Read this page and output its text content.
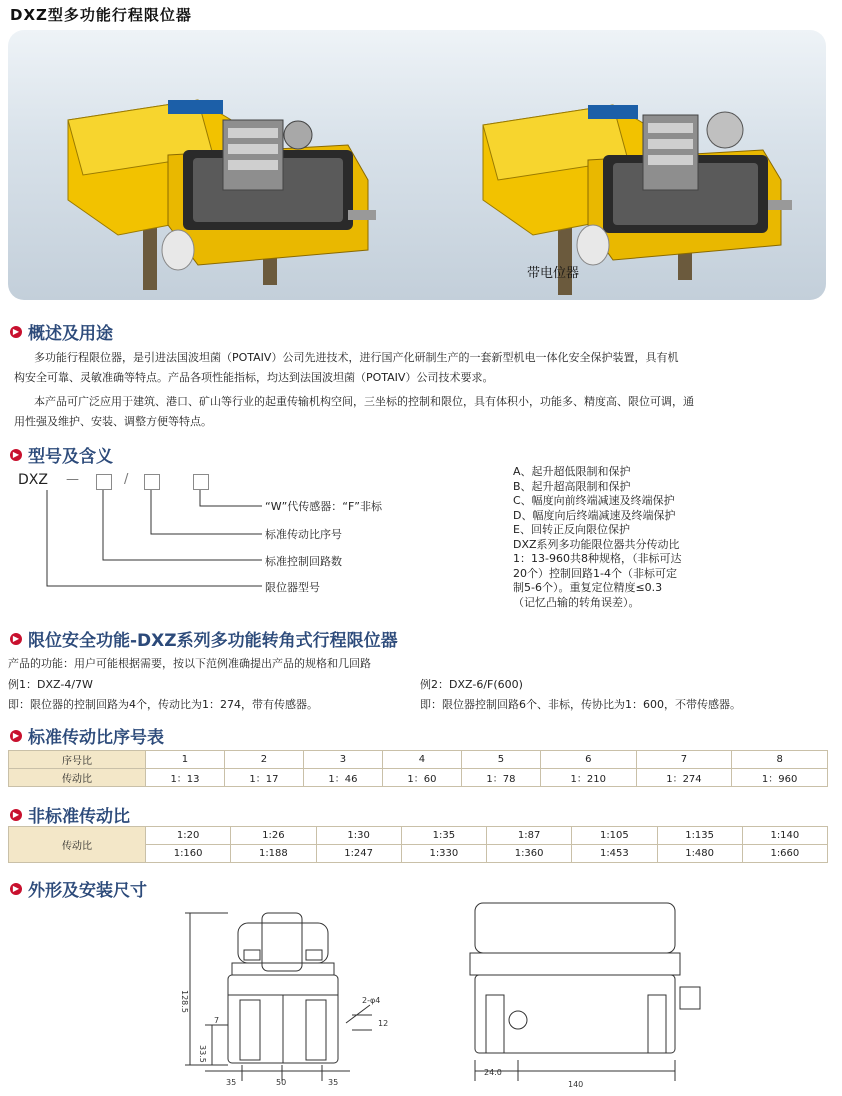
DXZ型多功能行程限位器
带电位器
▶ 概述及用途
多功能行程限位器，是引进法国波坦菌（POTAIV）公司先进技术，进行国产化研制生产的一套新型机电一体化安全保护装置，具有机
构安全可靠、灵敏准确等特点。产品各项性能指标，均达到法国波坦菌（POTAIV）公司技术要求。
本产品可广泛应用于建筑、港口、矿山等行业的起重传输机构空间，三坐标的控制和限位，具有体积小，功能多、精度高、限位可调，通
用性强及维护、安装、调整方便等特点。
▶ 型号及含义
DXZ —	/
“W”代传感器：“F”非标
标准传动比序号
标准控制回路数
限位器型号
A、起升超低限制和保护
B、起升超高限制和保护
C、幅度向前终端减速及终端保护
D、幅度向后终端减速及终端保护
E、回转正反向限位保护
DXZ系列多功能限位器共分传动比
1：13-960共8种规格，（非标可达
20个）控制回路1-4个（非标可定
制5-6个）。重复定位精度≤0.3
（记忆凸输的转角误差）。
▶ 限位安全功能-DXZ系列多功能转角式行程限位器
产品的功能：用户可能根据需要，按以下范例准确提出产品的规格和几回路
例1：DXZ-4/7W
即：限位器的控制回路为4个，传动比为1：274，带有传感器。
例2：DXZ-6/F(600)
即：限位器控制回路6个、非标，传协比为1：600，不带传感器。
▶ 标准传动比序号表
序号比	1	2	3	4	5	6	7	8
传动比	1：13	1：17	1：46	1：60	1：78	1：210	1：274	1：960
▶ 非标准传动比
传动比	1:20	1:26	1:30	1:35	1:87	1:105	1:135	1:140
	1:160	1:188	1:247	1:330	1:360	1:453	1:480	1:660
▶ 外形及安装尺寸
128.5	2-φ4
12
7
33.5
35	50	35
24.0
140
